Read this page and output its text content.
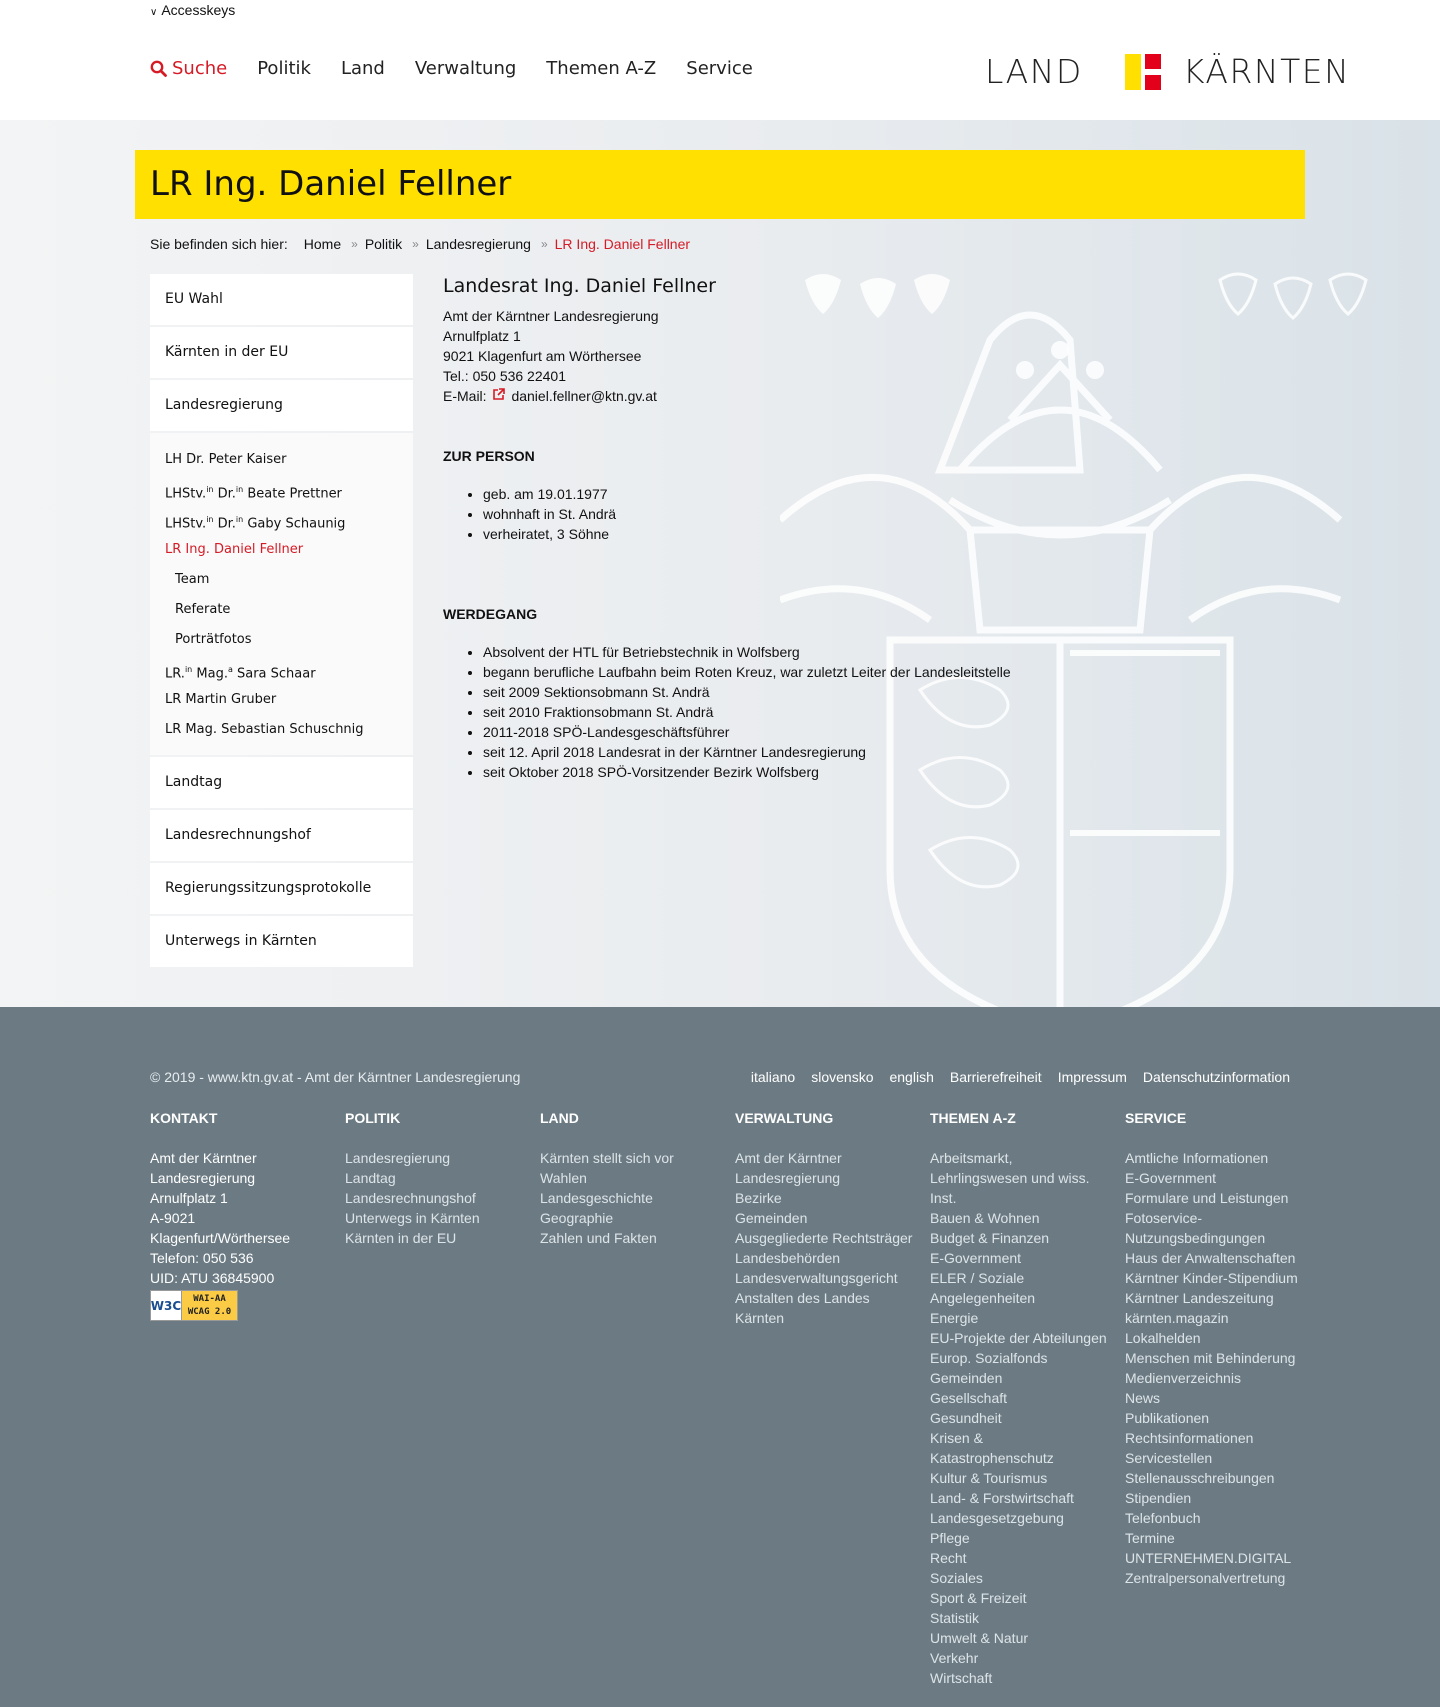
∨ Accesskeys
Suche Politik Land Verwaltung Themen A-Z Service	LAND	KÄRNTEN
LR Ing. Daniel Fellner
Sie befinden sich hier: Home » Politik » Landesregierung » LR Ing. Daniel Fellner
EU Wahl
Kärnten in der EU
Landesregierung
LH Dr. Peter Kaiser
LHStv.$^{in}$ Dr.$^{in}$ Beate Prettner
LHStv.$^{in}$ Dr.$^{in}$ Gaby Schaunig
LR Ing. Daniel Fellner
Team
Referate
Porträtfotos
LR.$^{in}$ Mag.$^a$ Sara Schaar
LR Martin Gruber
LR Mag. Sebastian Schuschnig
Landtag
Landesrechnungshof
Regierungssitzungsprotokolle
Unterwegs in Kärnten
Landesrat Ing. Daniel Fellner
Amt der Kärntner Landesregierung
Arnulfplatz 1
9021 Klagenfurt am Wörthersee
Tel.: 050 536 22401
E-Mail: daniel.fellner@ktn.gv.at
ZUR PERSON
• geb. am 19.01.1977
• wohnhaft in St. Andrä
• verheiratet, 3 Söhne
WERDEGANG
• Absolvent der HTL für Betriebstechnik in Wolfsberg
• begann berufliche Laufbahn beim Roten Kreuz, war zuletzt Leiter der Landesleitstelle
• seit 2009 Sektionsobmann St. Andrä
• seit 2010 Fraktionsobmann St. Andrä
• 2011-2018 SPÖ-Landesgeschäftsführer
• seit 12. April 2018 Landesrat in der Kärntner Landesregierung
• seit Oktober 2018 SPÖ-Vorsitzender Bezirk Wolfsberg
© 2019 - www.ktn.gv.at - Amt der Kärntner Landesregierung	italiano slovensko english Barrierefreiheit Impressum Datenschutzinformation
KONTAKT
Amt der Kärntner
Landesregierung
Arnulfplatz 1
A-9021
Klagenfurt/Wörthersee
Telefon: 050 536
UID: ATU 36845900
W3C	WAI-AA
WCAG 2.0
POLITIK
Landesregierung
Landtag
Landesrechnungshof
Unterwegs in Kärnten
Kärnten in der EU
LAND
Kärnten stellt sich vor
Wahlen
Landesgeschichte
Geographie
Zahlen und Fakten
VERWALTUNG
Amt der Kärntner Landesregierung
Bezirke
Gemeinden
Ausgegliederte Rechtsträger
Landesbehörden
Landesverwaltungsgericht
Anstalten des Landes Kärnten
THEMEN A-Z
Arbeitsmarkt, Lehrlingswesen und wiss. Inst.
Bauen & Wohnen
Budget & Finanzen
E-Government
ELER / Soziale Angelegenheiten
Energie
EU-Projekte der Abteilungen
Europ. Sozialfonds
Gemeinden
Gesellschaft
Gesundheit
Krisen & Katastrophenschutz
Kultur & Tourismus
Land- & Forstwirtschaft
Landesgesetzgebung
Pflege
Recht
Soziales
Sport & Freizeit
Statistik
Umwelt & Natur
Verkehr
Wirtschaft
SERVICE
Amtliche Informationen
E-Government
Formulare und Leistungen
Fotoservice-Nutzungsbedingungen
Haus der Anwaltenschaften
Kärntner Kinder-Stipendium
Kärntner Landeszeitung kärnten.magazin
Lokalhelden
Menschen mit Behinderung
Medienverzeichnis
News
Publikationen
Rechtsinformationen
Servicestellen
Stellenausschreibungen
Stipendien
Telefonbuch
Termine
UNTERNEHMEN.DIGITAL
Zentralpersonalvertretung
